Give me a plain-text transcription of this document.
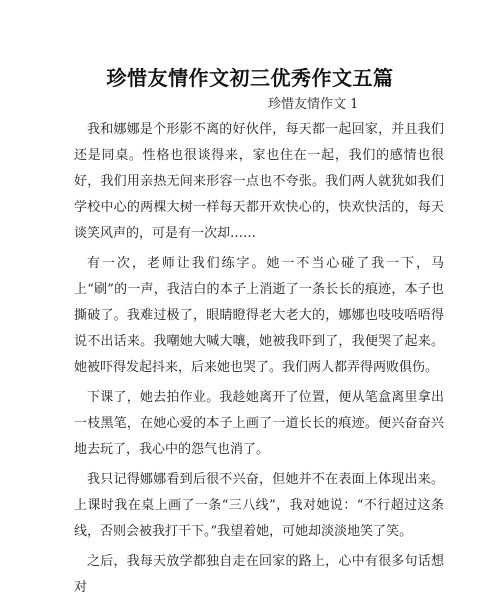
珍惜友情作文初三优秀作文五篇
珍惜友情作文 1

我和娜娜是个形影不离的好伙伴，每天都一起回家，并且我们还是同桌。性格也很谈得来，家也住在一起，我们的感情也很好，我们用亲热无间来形容一点也不夸张。我们两人就犹如我们学校中心的两棵大树一样每天都开欢快心的，快欢快活的，每天谈笑风声的，可是有一次却……

有一次，老师让我们练字。她一不当心碰了我一下，马上“刷”的一声，我洁白的本子上消逝了一条长长的痕迹，本子也撕破了。我难过极了，眼睛瞪得老大老大的，娜娜也吱吱唔唔得说不出话来。我嘲她大喊大嚷，她被我吓到了，我便哭了起来。她被吓得发起抖来，后来她也哭了。我们两人都弄得两败俱伤。

下课了，她去拍作业。我趁她离开了位置，便从笔盒离里拿出一枝黑笔，在她心爱的本子上画了一道长长的痕迹。便兴奋奋兴地去玩了，我心中的怨气也消了。

我只记得娜娜看到后很不兴奋，但她并不在表面上体现出来。上课时我在桌上画了一条“三八线”，我对她说：“不行超过这条线，否则会被我打干下。”我望着她，可她却淡淡地笑了笑。

之后，我每天放学都独自走在回家的路上，心中有很多句话想对
